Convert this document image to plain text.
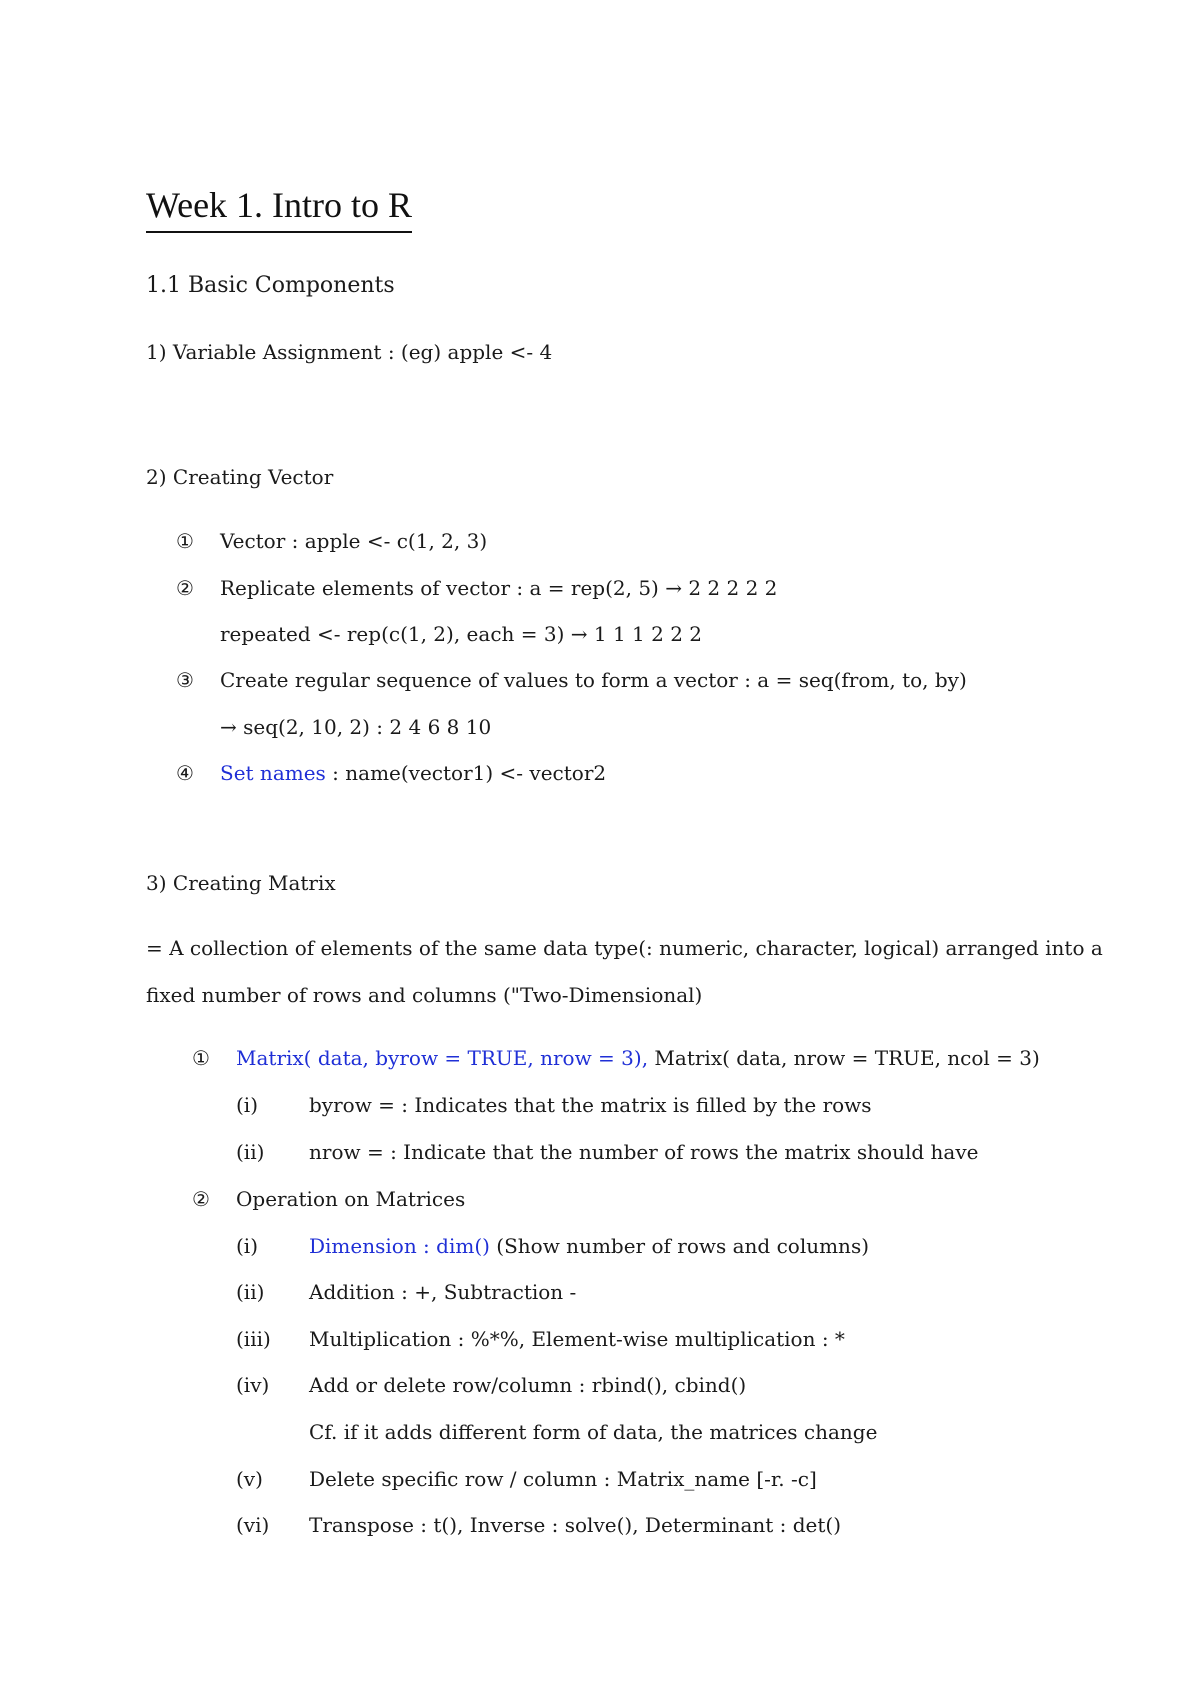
Week 1. Intro to R
1.1 Basic Components
1) Variable Assignment : (eg) apple <- 4
2) Creating Vector
① Vector : apple <- c(1, 2, 3)
② Replicate elements of vector : a = rep(2, 5) → 2 2 2 2 2
repeated <- rep(c(1, 2), each = 3) → 1 1 1 2 2 2
③ Create regular sequence of values to form a vector : a = seq(from, to, by)
→ seq(2, 10, 2) : 2 4 6 8 10
④ Set names : name(vector1) <- vector2
3) Creating Matrix
= A collection of elements of the same data type(: numeric, character, logical) arranged into a
fixed number of rows and columns ("Two-Dimensional)
① Matrix( data, byrow = TRUE, nrow = 3), Matrix( data, nrow = TRUE, ncol = 3)
(i)	byrow = : Indicates that the matrix is filled by the rows
(ii) nrow = : Indicate that the number of rows the matrix should have
② Operation on Matrices
(i)	Dimension : dim() (Show number of rows and columns)
(ii) Addition : +, Subtraction -
(iii) Multiplication : %*%, Element-wise multiplication : *
(iv) Add or delete row/column : rbind(), cbind()
Cf. if it adds different form of data, the matrices change
(v) Delete specific row / column : Matrix_name [-r. -c]
(vi) Transpose : t(), Inverse : solve(), Determinant : det()
